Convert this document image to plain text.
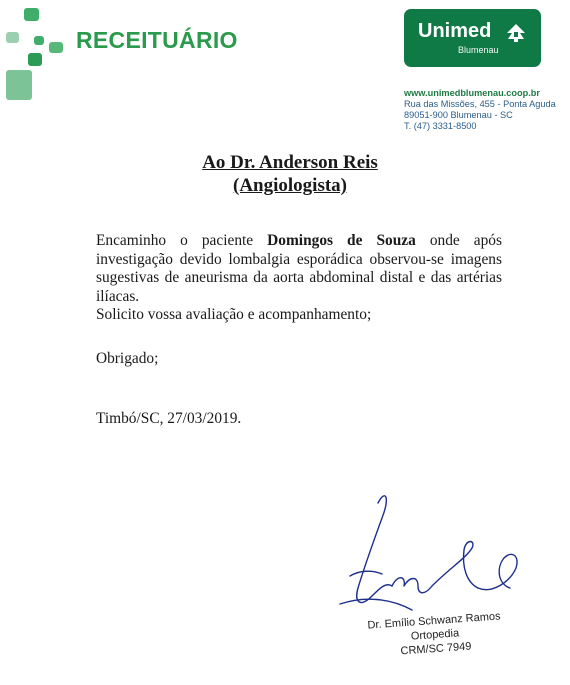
RECEITUÁRIO	Unimed
Blumenau
www.unimedblumenau.coop.br
Rua das Missões, 455 - Ponta Aguda
89051-900 Blumenau - SC
T. (47) 3331-8500
Ao Dr. Anderson Reis
(Angiologista)

Encaminho o paciente Domingos de Souza onde após investigação devido lombalgia esporádica observou-se imagens sugestivas de aneurisma da aorta abdominal distal e das artérias ilíacas.

Solicito vossa avaliação e acompanhamento;

Obrigado;
Timbó/SC, 27/03/2019.
Dr. Emílio Schwanz Ramos
Ortopedia
CRM/SC 7949
